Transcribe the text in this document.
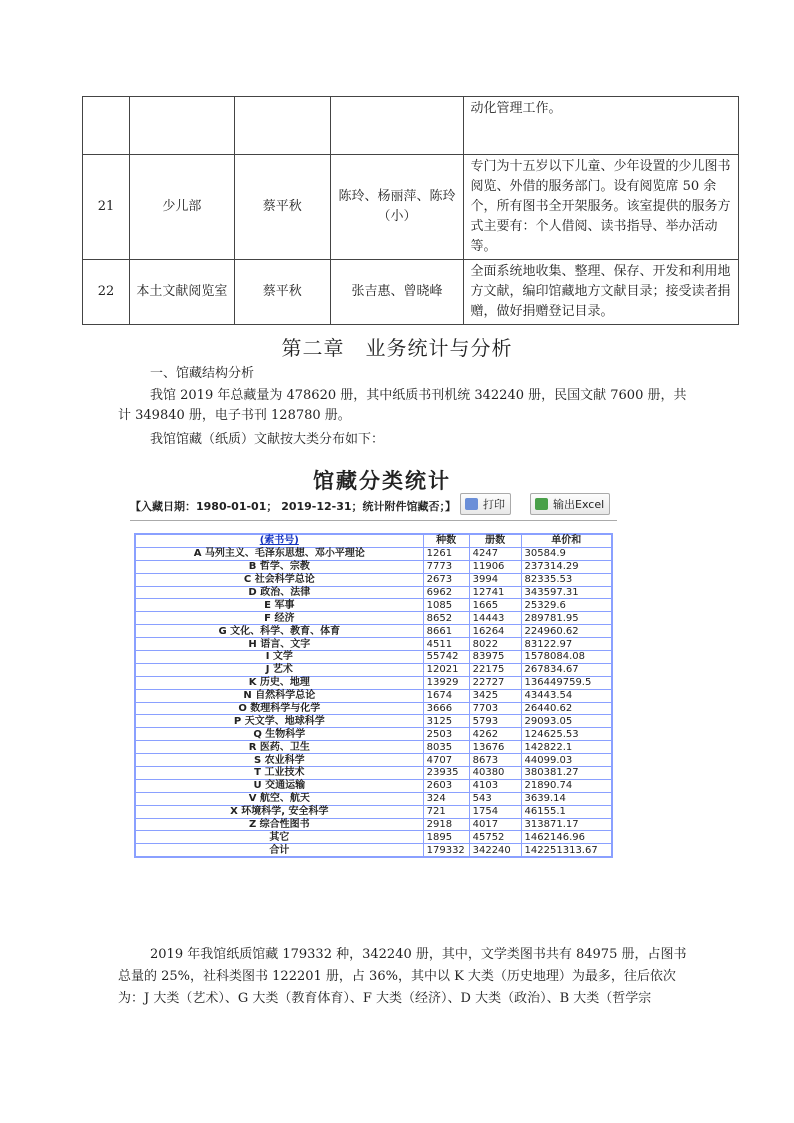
				动化管理工作。
21	少儿部	蔡平秋	陈玲、杨丽萍、陈玲（小）	专门为十五岁以下儿童、少年设置的少儿图书阅览、外借的服务部门。设有阅览席 50 余个，所有图书全开架服务。该室提供的服务方式主要有：个人借阅、读书指导、举办活动等。
22	本土文献阅览室	蔡平秋	张吉惠、曾晓峰	全面系统地收集、整理、保存、开发和利用地方文献，编印馆藏地方文献目录；接受读者捐赠，做好捐赠登记目录。
第二章　业务统计与分析
一、馆藏结构分析
我馆 2019 年总藏量为 478620 册，其中纸质书刊机统 342240 册，民国文献 7600 册，共计 349840 册，电子书刊 128780 册。
我馆馆藏（纸质）文献按大类分布如下：
馆藏分类统计
【入藏日期：1980-01-01； 2019-12-31；统计附件馆藏否；】	打印	输出Excel
(索书号)	种数	册数	单价和
A 马列主义、毛泽东思想、邓小平理论	1261	4247	30584.9
B 哲学、宗教	7773	11906	237314.29
C 社会科学总论	2673	3994	82335.53
D 政治、法律	6962	12741	343597.31
E 军事	1085	1665	25329.6
F 经济	8652	14443	289781.95
G 文化、科学、教育、体育	8661	16264	224960.62
H 语言、文字	4511	8022	83122.97
I 文学	55742	83975	1578084.08
J 艺术	12021	22175	267834.67
K 历史、地理	13929	22727	136449759.5
N 自然科学总论	1674	3425	43443.54
O 数理科学与化学	3666	7703	26440.62
P 天文学、地球科学	3125	5793	29093.05
Q 生物科学	2503	4262	124625.53
R 医药、卫生	8035	13676	142822.1
S 农业科学	4707	8673	44099.03
T 工业技术	23935	40380	380381.27
U 交通运输	2603	4103	21890.74
V 航空、航天	324	543	3639.14
X 环境科学, 安全科学	721	1754	46155.1
Z 综合性图书	2918	4017	313871.17
其它	1895	45752	1462146.96
合计	179332	342240	142251313.67
2019 年我馆纸质馆藏 179332 种，342240 册，其中，文学类图书共有 84975 册，占图书总量的 25%，社科类图书 122201 册，占 36%，其中以 K 大类（历史地理）为最多，往后依次为：J 大类（艺术）、G 大类（教育体育）、F 大类（经济）、D 大类（政治）、B 大类（哲学宗
